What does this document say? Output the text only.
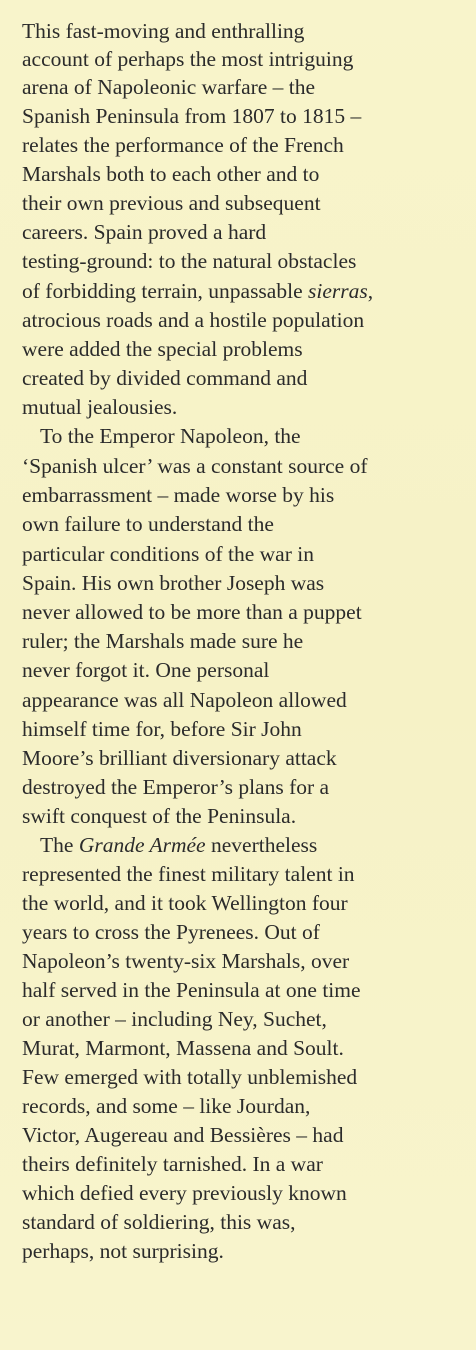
This fast-moving and enthralling
account of perhaps the most intriguing
arena of Napoleonic warfare – the
Spanish Peninsula from 1807 to 1815 –
relates the performance of the French
Marshals both to each other and to
their own previous and subsequent
careers. Spain proved a hard
testing-ground: to the natural obstacles
of forbidding terrain, unpassable sierras,
atrocious roads and a hostile population
were added the special problems
created by divided command and
mutual jealousies.
To the Emperor Napoleon, the
‘Spanish ulcer’ was a constant source of
embarrassment – made worse by his
own failure to understand the
particular conditions of the war in
Spain. His own brother Joseph was
never allowed to be more than a puppet
ruler; the Marshals made sure he
never forgot it. One personal
appearance was all Napoleon allowed
himself time for, before Sir John
Moore’s brilliant diversionary attack
destroyed the Emperor’s plans for a
swift conquest of the Peninsula.
The Grande Armée nevertheless
represented the finest military talent in
the world, and it took Wellington four
years to cross the Pyrenees. Out of
Napoleon’s twenty-six Marshals, over
half served in the Peninsula at one time
or another – including Ney, Suchet,
Murat, Marmont, Massena and Soult.
Few emerged with totally unblemished
records, and some – like Jourdan,
Victor, Augereau and Bessières – had
theirs definitely tarnished. In a war
which defied every previously known
standard of soldiering, this was,
perhaps, not surprising.
